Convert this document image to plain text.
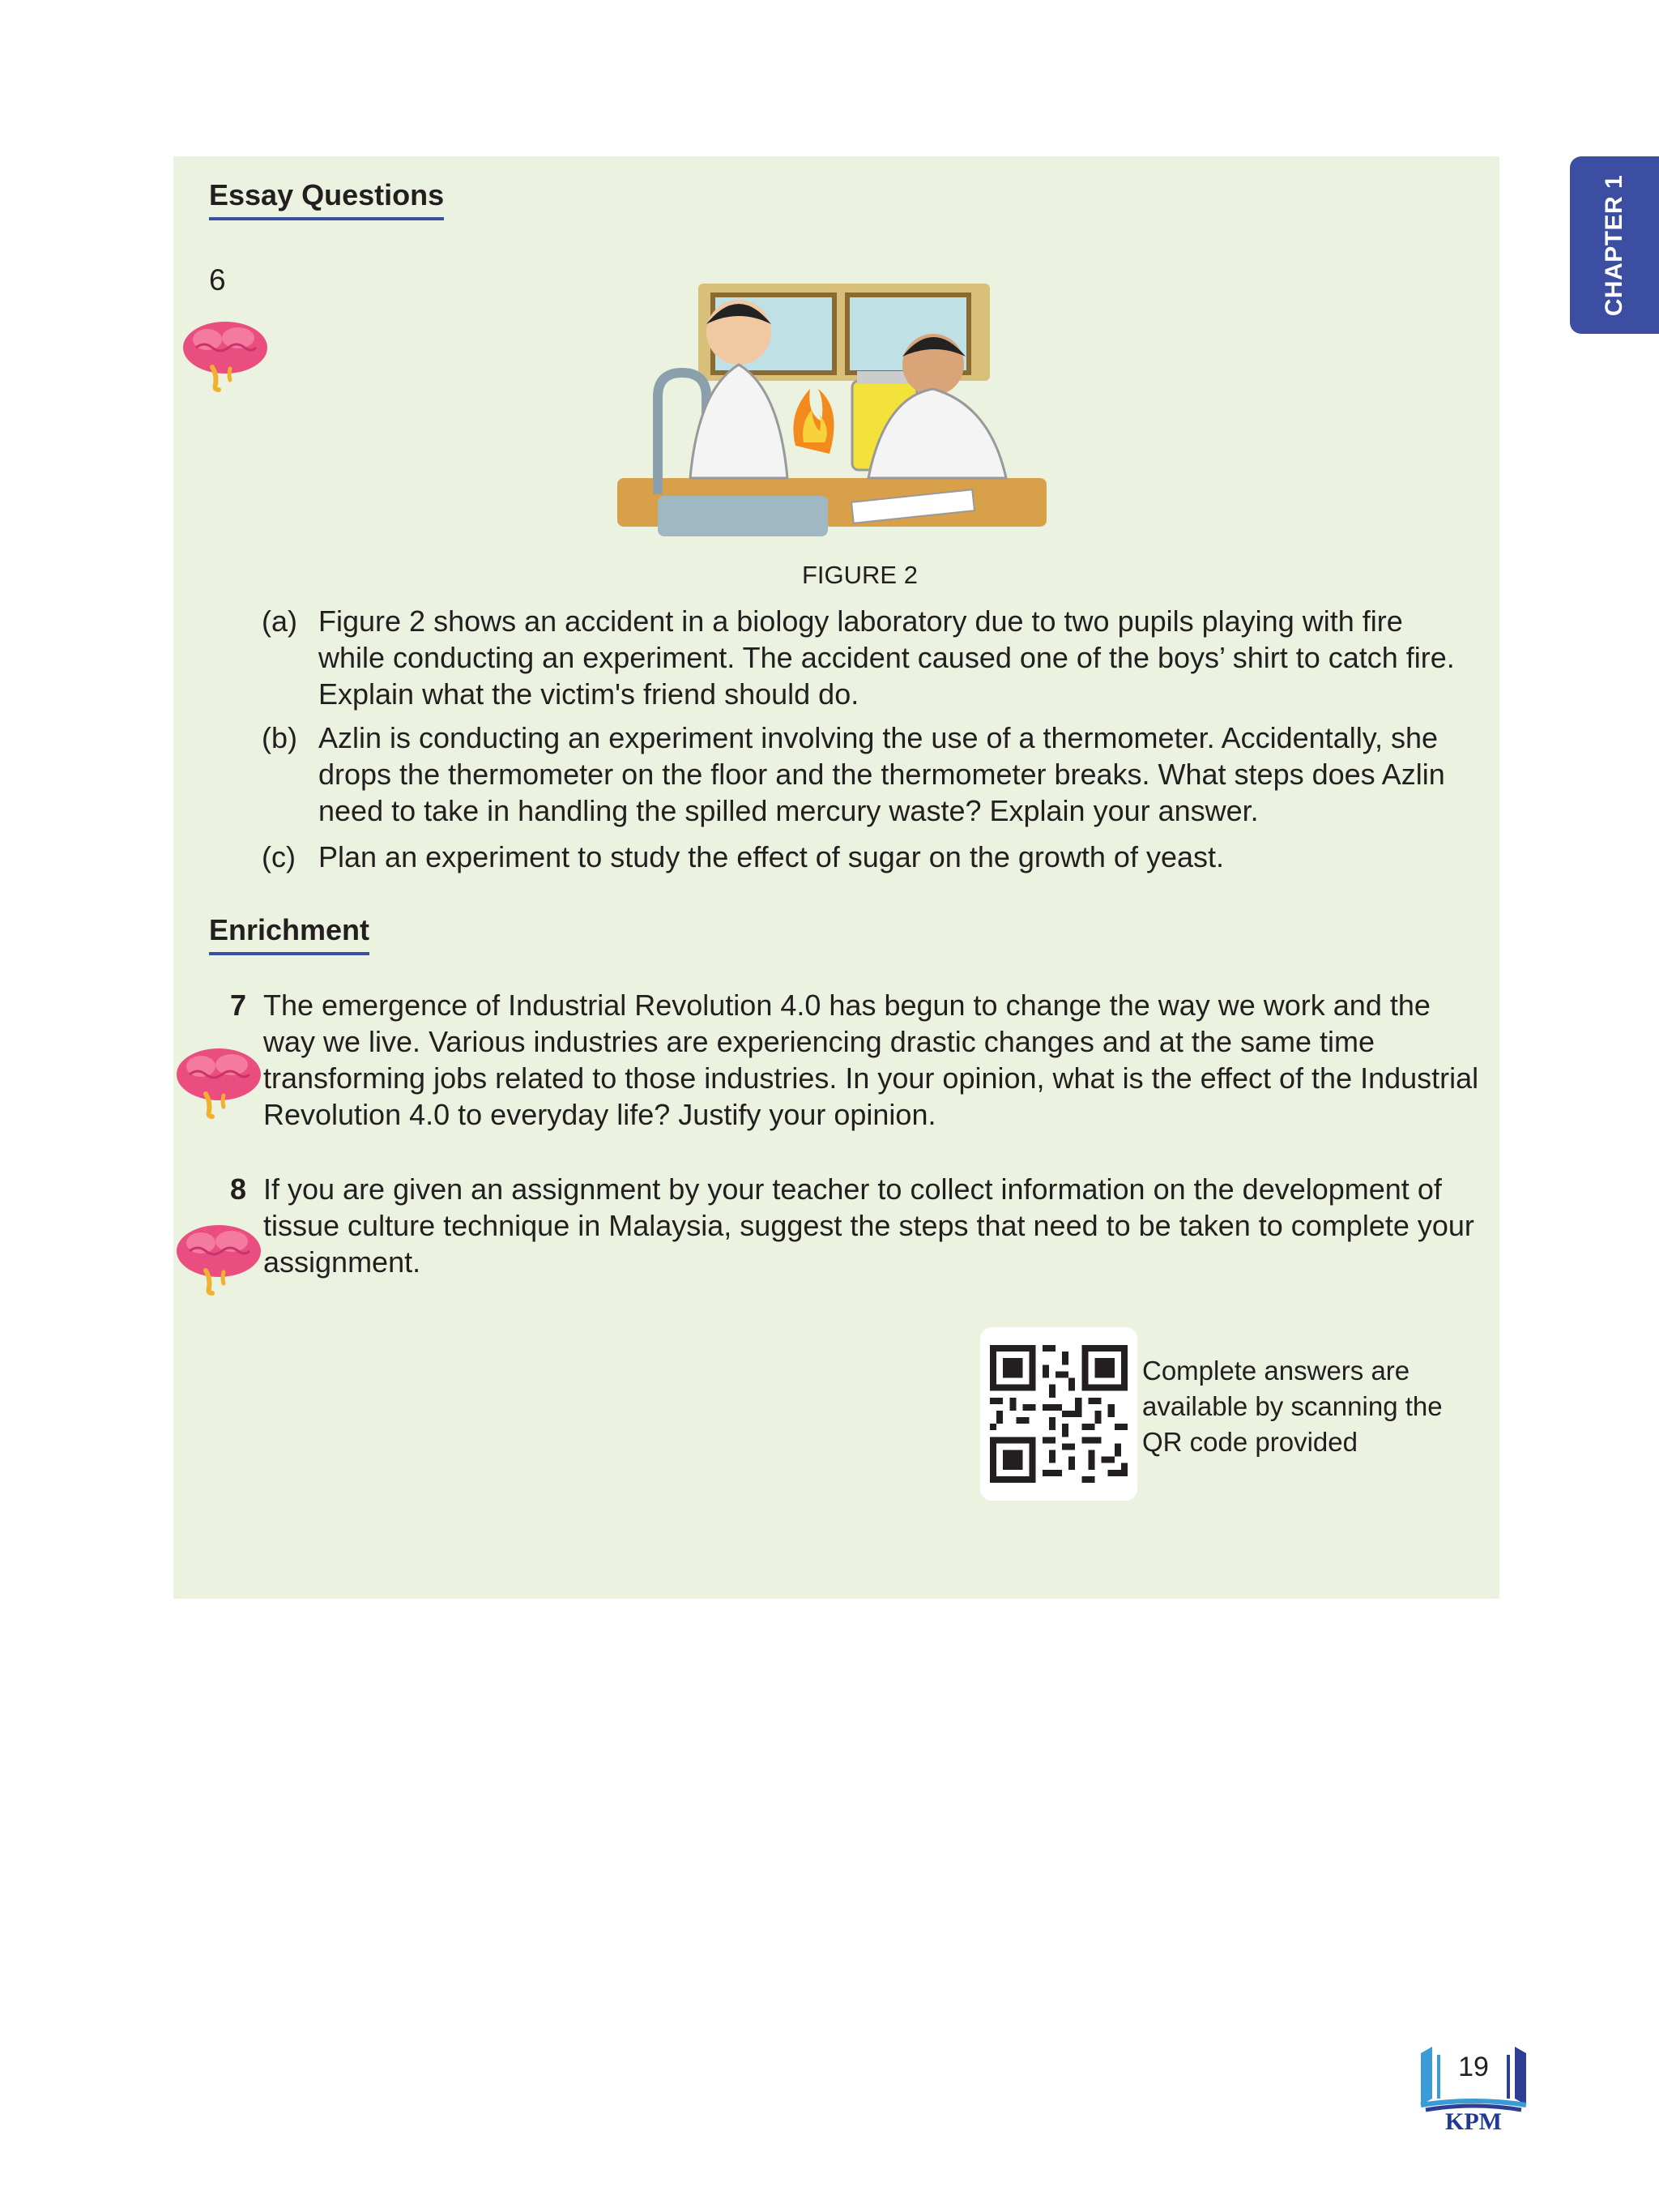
CHAPTER 1
Essay Questions
6
FIGURE 2
(a) Figure 2 shows an accident in a biology laboratory due to two pupils playing with fire while conducting an experiment. The accident caused one of the boys’ shirt to catch fire. Explain what the victim's friend should do.
(b) Azlin is conducting an experiment involving the use of a thermometer. Accidentally, she drops the thermometer on the floor and the thermometer breaks. What steps does Azlin need to take in handling the spilled mercury waste? Explain your answer.
(c) Plan an experiment to study the effect of sugar on the growth of yeast.
Enrichment
7 The emergence of Industrial Revolution 4.0 has begun to change the way we work and the way we live. Various industries are experiencing drastic changes and at the same time transforming jobs related to those industries. In your opinion, what is the effect of the Industrial Revolution 4.0 to everyday life? Justify your opinion.
8 If you are given an assignment by your teacher to collect information on the development of tissue culture technique in Malaysia, suggest the steps that need to be taken to complete your assignment.
Complete answers are available by scanning the QR code provided
19
KPM
